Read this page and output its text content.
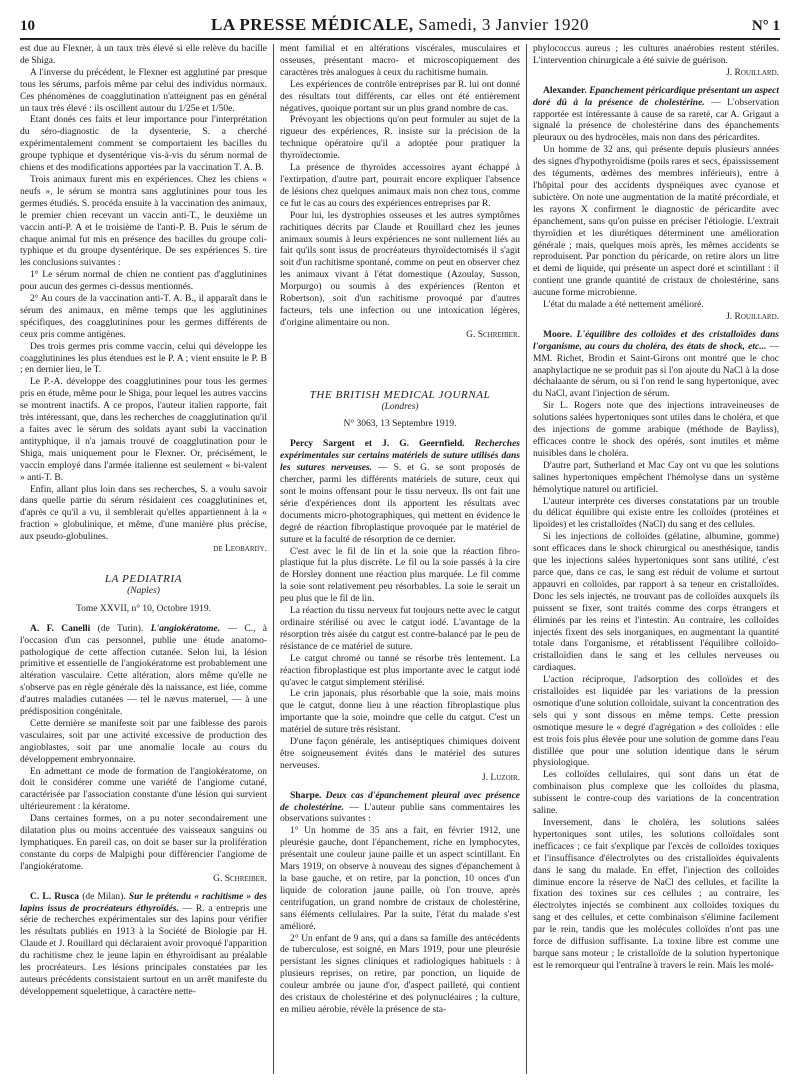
10	LA PRESSE MÉDICALE, Samedi, 3 Janvier 1920	N° 1

est due au Flexner, à un taux très élevé si elle relève du bacille de Shiga.

A l'inverse du précédent, le Flexner est agglutiné par presque tous les sérums, parfois même par celui des individus normaux. Ces phénomènes de coagglutination n'atteignent pas en général un taux très élevé : ils oscillent autour du 1/25e et 1/50e.

Etant donés ces faits et leur importance pour l'interprétation du séro-diagnostic de la dysenterie, S. a cherché expérimentalement comment se comportaient les bacilles du groupe typhique et dysentérique vis-à-vis du sérum normal de chiens et des modifications apportées par la vaccination T. A. B.

Trois animaux furent mis en expériences. Chez les chiens « neufs », le sérum se montra sans agglutinines pour tous les germes étudiés. S. procéda ensuite à la vaccination des animaux, le premier chien recevant un vaccin anti-T., le deuxième un vaccin anti-P. A et le troisième de l'anti-P. B. Puis le sérum de chaque animal fut mis en présence des bacilles du groupe coli-typhique et du groupe dysentérique. De ses expériences S. tire les conclusions suivantes :

1° Le sérum normal de chien ne contient pas d'agglutinines pour aucun des germes ci-dessus mentionnés.

2° Au cours de la vaccination anti-T. A. B., il apparaît dans le sérum des animaux, en même temps que les agglutinines spécifiques, des coagglutinines pour les germes différents de ceux pris comme antigènes.

Des trois germes pris comme vaccin, celui qui développe les coagglutinines les plus étendues est le P. A ; vient ensuite le P. B ; en dernier lieu, le T.

Le P.-A. développe des coagglutinines pour tous les germes pris en étude, même pour le Shiga, pour lequel les autres vaccins se montrent inactifs. A ce propos, l'auteur italien rapporte, fait très intéressant, que, dans les recherches de coagglutination qu'il a faites avec le sérum des soldats ayant subi la vaccination antityphique, il n'a jamais trouvé de coagglutination pour le Shiga, mais uniquement pour le Flexner. Or, précisément, le vaccin employé dans l'armée italienne est seulement « bi-valent » anti-T. B.

Enfin, allant plus loin dans ses recherches, S. a voulu savoir dans quelle partie du sérum résidaient ces coagglutinines et, d'après ce qu'il a vu, il semblerait qu'elles appartiennent à la « fraction » globulinique, et même, d'une manière plus précise, aux pseudo-globulines.

de Leobardy.
LA PEDIATRIA
(Naples)
Tome XXVII, n° 10, Octobre 1919.

A. F. Canelli (de Turin). L'angiokératome. — C., à l'occasion d'un cas personnel, publie une étude anatomo-pathologique de cette affection cutanée. Selon lui, la lésion primitive et essentielle de l'angiokératome est probablement une altération vasculaire. Cette altération, alors même qu'elle ne s'observe pas en règle générale dès la naissance, est liée, comme d'autres maladies cutanées — tel le nævus materuel, — à une prédisposition congénitale.

Cette dernière se manifeste soit par une faiblesse des parois vasculaires, soit par une activité excessive de production des angioblastes, soit par une anomalie locale au cours du développement embryonnaire.

En admettant ce mode de formation de l'angiokératome, on doit le considérer comme une variété de l'angiome cutané, caractérisée par l'association constante d'une lésion qui survient ultérieurement : la kératome.

Dans certaines formes, on a pu noter secondairement une dilatation plus ou moins accentuée des vaisseaux sanguins ou lymphatiques. En pareil cas, on doit se baser sur la prolifération constante du corps de Malpighi pour différencier l'angiome de l'angiokératome.

G. Schreiber.

C. L. Rusca (de Milan). Sur le prétendu « rachitisme » des lapins issus de procréateurs éthyroïdés. — R. a entrepris une série de recherches expérimentales sur des lapins pour vérifier les résultats publiés en 1913 à la Société de Biologie par H. Claude et J. Rouillard qui déclaraient avoir provoqué l'apparition du rachitisme chez le jeune lapin en éthyroïdisant au préalable les procréateurs. Les lésions principales constatées par les auteurs précédents consistaient surtout en un arrêt manifeste du développement squelettique, à caractère nette-

ment familial et en altérations viscérales, musculaires et osseuses, présentant macro- et microscopiquement des caractères très analogues à ceux du rachitisme humain.

Les expériences de contrôle entreprises par R. lui ont donné des résultats tout différents, car elles ont été entièrement négatives, quoique portant sur un plus grand nombre de cas.

Prévoyant les objections qu'on peut formuler au sujet de la rigueur des expériences, R. insiste sur la précision de la technique opératoire qu'il a adoptée pour pratiquer la thyroïdectomie.

La présence de thyroïdes accessoires ayant échappé à l'extirpation, d'autre part, pourrait encore expliquer l'absence de lésions chez quelques animaux mais non chez tous, comme ce fut le cas au cours des expériences entreprises par R.

Pour lui, les dystrophies osseuses et les autres symptômes rachitiques décrits par Claude et Rouillard chez les jeunes animaux soumis à leurs expériences ne sont nullement liés au fait qu'ils sont issus de procréateurs thyroïdectomisés il s'agit soit d'un rachitisme spontané, comme on peut en observer chez les animaux vivant à l'état domestique (Azoulay, Susson, Morpurgo) ou soumis à des expériences (Renton et Robertson), soit d'un rachitisme provoqué par d'autres facteurs, tels une infection ou une intoxication légères, d'origine alimentaire ou non.

G. Schreiber.
THE BRITISH MEDICAL JOURNAL
(Londres)
N° 3063, 13 Septembre 1919.

Percy Sargent et J. G. Geernfield. Recherches expérimentales sur certains matériels de suture utilisés dans les sutures nerveuses. — S. et G. se sont proposés de chercher, parmi les différents matériels de suture, ceux qui sont le moins offensant pour le tissu nerveux. Ils ont fait une série d'expériences dont ils apportent les résultats avec documents micro-photographiques, qui mettent en évidence le degré de réaction fibroplastique provoquée par le matériel de suture et la faculté de résorption de ce dernier.

C'est avec le fil de lin et la soie que la réaction fibro-plastique fut la plus discrète. Le fil ou la soie passés à la cire de Horsley donnent une réaction plus marquée. Le fil comme la soie sont relativement peu résorbables. La soie le serait un peu plus que le fil de lin.

La réaction du tissu nerveux fut toujours nette avec le catgut ordinaire stérilisé ou avec le catgut iodé. L'avantage de la résorption très aisée du catgut est contre-balancé par le peu de résistance de ce matériel de suture.

Le catgut chromé ou tanné se résorbe très lentement. La réaction fibroplastique est plus importante avec le catgut iodé qu'avec le catgut simplement stérilisé.

Le crin japonais, plus résorbable que la soie, mais moins que le catgut, donne lieu à une réaction fibroplastique plus importante que la soie, moindre que celle du catgut. C'est un matériel de suture très résistant.

D'une façon générale, les antiseptiques chimiques doivent être soigneusement évités dans le matériel des sutures nerveuses.

J. Luzoir.

Sharpe. Deux cas d'épanchement pleural avec présence de cholestérine. — L'auteur publie sans commentaires les observations suivantes :

1° Un homme de 35 ans a fait, en février 1912, une pleurésie gauche, dont l'épanchement, riche en lymphocytes, présentait une couleur jaune paille et un aspect scintillant. En Mars 1919, on observe à nouveau des signes d'épanchement à la base gauche, et on retire, par la ponction, 10 onces d'un liquide de coloration jaune paille, où l'on trouve, après centrifugation, un grand nombre de cristaux de cholestérine, sans éléments cellulaires. Par la suite, l'état du malade s'est amélioré.

2° Un enfant de 9 ans, qui a dans sa famille des antécédents de tuberculose, est soigné, en Mars 1919, pour une pleurésie persistant les signes cliniques et radiologiques habituels : à plusieurs reprises, on retire, par ponction, un liquide de couleur ambrée ou jaune d'or, d'aspect pailleté, qui contient des cristaux de cholestérine et des polynucléaires ; la culture, en milieu aérobie, révèle la présence de sta-

phylococcus aureus ; les cultures anaérobies restent stériles. L'intervention chirurgicale a été suivie de guérison.

J. Rouillard.

Alexander. Epanchement péricardique présentant un aspect doré dû à la présence de cholestérine. — L'observation rapportée est intéressante à cause de sa rareté, car A. Grigaut a signalé la présence de cholestérine dans des épanchements pleuraux ou des hydrocèles, mais non dans des péricardites.

Un homme de 32 ans, qui présente depuis plusieurs années des signes d'hypothyroïdisme (poils rares et secs, épaississement des téguments, œdèmes des membres inférieurs), entre à l'hôpital pour des accidents dyspnéiques avec cyanose et subictère. On note une augmentation de la matité précordiale, et les rayons X confirment le diagnostic de péricardite avec épanchement, sans qu'on puisse en préciser l'étiologie. L'extrait thyroïdien et les diurétiques déterminent une amélioration générale ; mais, quelques mois après, les mêmes accidents se reproduisent. Par ponction du péricarde, on retire alors un litre et demi de liquide, qui présente un aspect doré et scintillant : il contient une grande quantité de cristaux de cholestérine, sans aucune forme microbienne.

L'état du malade a été nettement amélioré.

J. Rouillard.

Moore. L'équilibre des colloïdes et des cristalloïdes dans l'organisme, au cours du choléra, des états de shock, etc... — MM. Richet, Brodin et Saint-Girons ont montré que le choc anaphylactique ne se produit pas si l'on ajoute du NaCl à la dose déchalaante de sérum, ou si l'on rend le sang hypertonique, avec du NaCl, avant l'injection de sérum.

Sir L. Rogers note que des injections intraveineuses de solutions salées hypertoniques sont utiles dans le choléra, et que des injections de gomme arabique (méthode de Bayliss), efficaces contre le shock des opérés, sont inutiles et même nuisibles dans le choléra.

D'autre part, Sutherland et Mac Cay ont vu que les solutions salines hypertoniques empêchent l'hémolyse dans un système hémolytique naturel ou artificiel.

L'auteur interprète ces diverses constatations par un trouble du délicat équilibre qui existe entre les colloïdes (protéines et lipoïdes) et les cristalloïdes (NaCl) du sang et des cellules.

Si les injections de colloïdes (gélatine, albumine, gomme) sont efficaces dans le shock chirurgical ou anesthésique, tandis que les injections salées hypertoniques sont sans utilité, c'est parce que, dans ce cas, le sang est réduit de volume et surtout appauvri en colloïdes, par rapport à sa teneur en cristalloïdes. Donc les sels injectés, ne trouvant pas de colloïdes auxquels ils puissent se fixer, sont traités comme des corps étrangers et éliminés par les reins et l'intestin. Au contraire, les colloïdes injectés fixent des sels inorganiques, en augmentant la quantité totale dans l'organisme, et rétablissent l'équilibre colloïdo-cristalloïdien dans le sang et les cellules nerveuses ou cardiaques.

L'action réciproque, l'adsorption des colloïdes et des cristalloïdes est liquidée par les variations de la pression osmotique d'une solution colloïdale, suivant la concentration des sels qui y sont dissous en même temps. Cette pression osmotique mesure le « degré d'agrégation » des colloïdes : elle est trois fois plus élevée pour une solution de gomme dans l'eau distillée que pour une solution identique dans le sérum physiologique.

Les colloïdes cellulaires, qui sont dans un état de combinaison plus complexe que les colloïdes du plasma, subissent le contre-coup des variations de la concentration saline.

Inversement, dans le choléra, les solutions salées hypertoniques sont utiles, les solutions colloïdales sont inefficaces ; ce fait s'explique par l'excès de colloïdes toxiques et l'insuffisance d'électrolytes ou des cristalloïdes équivalents dans le sang du malade. En effet, l'injection des colloïdes diminue encore la réserve de NaCl des cellules, et facilite la fixation des toxines sur ces cellules ; au contraire, les électrolytes injectés se combinent aux colloïdes toxiques du sang et des cellules, et cette combinaison s'élimine facilement par le rein, tandis que les molécules colloïdes n'ont pas une force de diffusion suffisante. La toxine libre est comme une barque sans moteur ; le cristalloïde de la solution hypertonique est le remorqueur qui l'entraîne à travers le rein. Mais les molé-
